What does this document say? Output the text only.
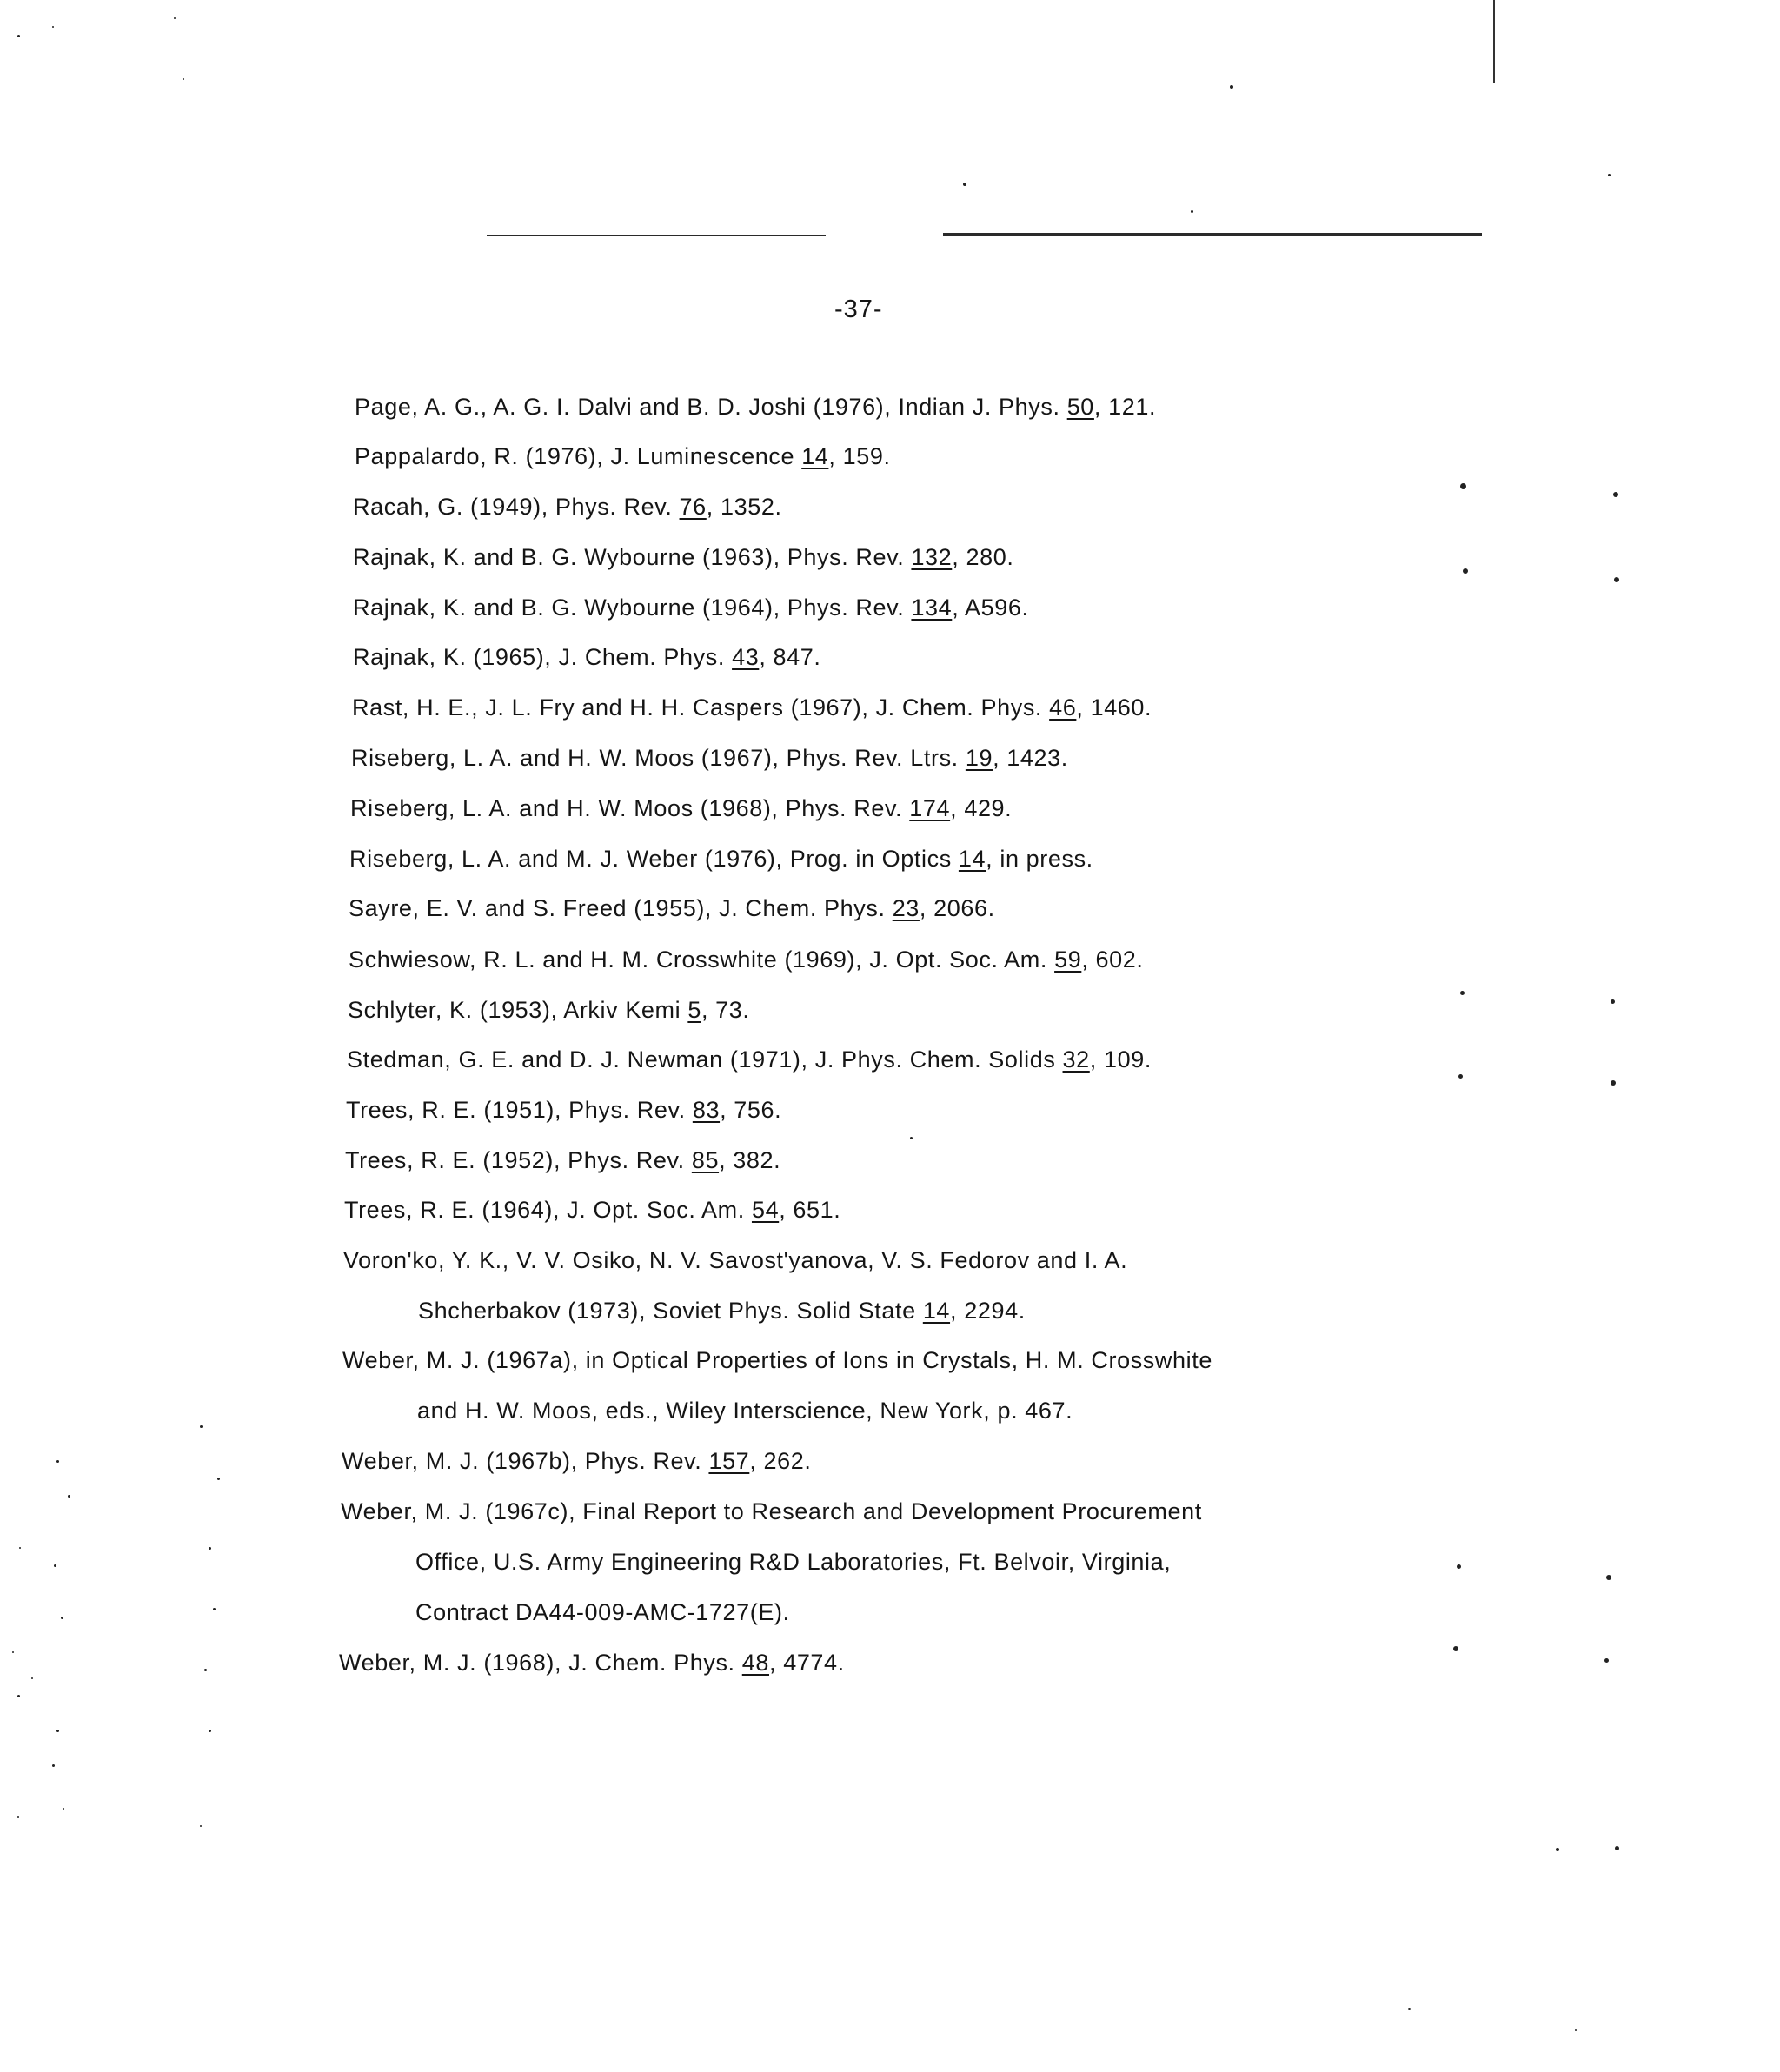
-37-
Page, A. G., A. G. I. Dalvi and B. D. Joshi (1976), Indian J. Phys. 50, 121.
Pappalardo, R. (1976), J. Luminescence 14, 159.
Racah, G. (1949), Phys. Rev. 76, 1352.
Rajnak, K. and B. G. Wybourne (1963), Phys. Rev. 132, 280.
Rajnak, K. and B. G. Wybourne (1964), Phys. Rev. 134, A596.
Rajnak, K. (1965), J. Chem. Phys. 43, 847.
Rast, H. E., J. L. Fry and H. H. Caspers (1967), J. Chem. Phys. 46, 1460.
Riseberg, L. A. and H. W. Moos (1967), Phys. Rev. Ltrs. 19, 1423.
Riseberg, L. A. and H. W. Moos (1968), Phys. Rev. 174, 429.
Riseberg, L. A. and M. J. Weber (1976), Prog. in Optics 14, in press.
Sayre, E. V. and S. Freed (1955), J. Chem. Phys. 23, 2066.
Schwiesow, R. L. and H. M. Crosswhite (1969), J. Opt. Soc. Am. 59, 602.
Schlyter, K. (1953), Arkiv Kemi 5, 73.
Stedman, G. E. and D. J. Newman (1971), J. Phys. Chem. Solids 32, 109.
Trees, R. E. (1951), Phys. Rev. 83, 756.
Trees, R. E. (1952), Phys. Rev. 85, 382.
Trees, R. E. (1964), J. Opt. Soc. Am. 54, 651.
Voron'ko, Y. K., V. V. Osiko, N. V. Savost'yanova, V. S. Fedorov and I. A.
Shcherbakov (1973), Soviet Phys. Solid State 14, 2294.
Weber, M. J. (1967a), in Optical Properties of Ions in Crystals, H. M. Crosswhite
and H. W. Moos, eds., Wiley Interscience, New York, p. 467.
Weber, M. J. (1967b), Phys. Rev. 157, 262.
Weber, M. J. (1967c), Final Report to Research and Development Procurement
Office, U.S. Army Engineering R&D Laboratories, Ft. Belvoir, Virginia,
Contract DA44-009-AMC-1727(E).
Weber, M. J. (1968), J. Chem. Phys. 48, 4774.
